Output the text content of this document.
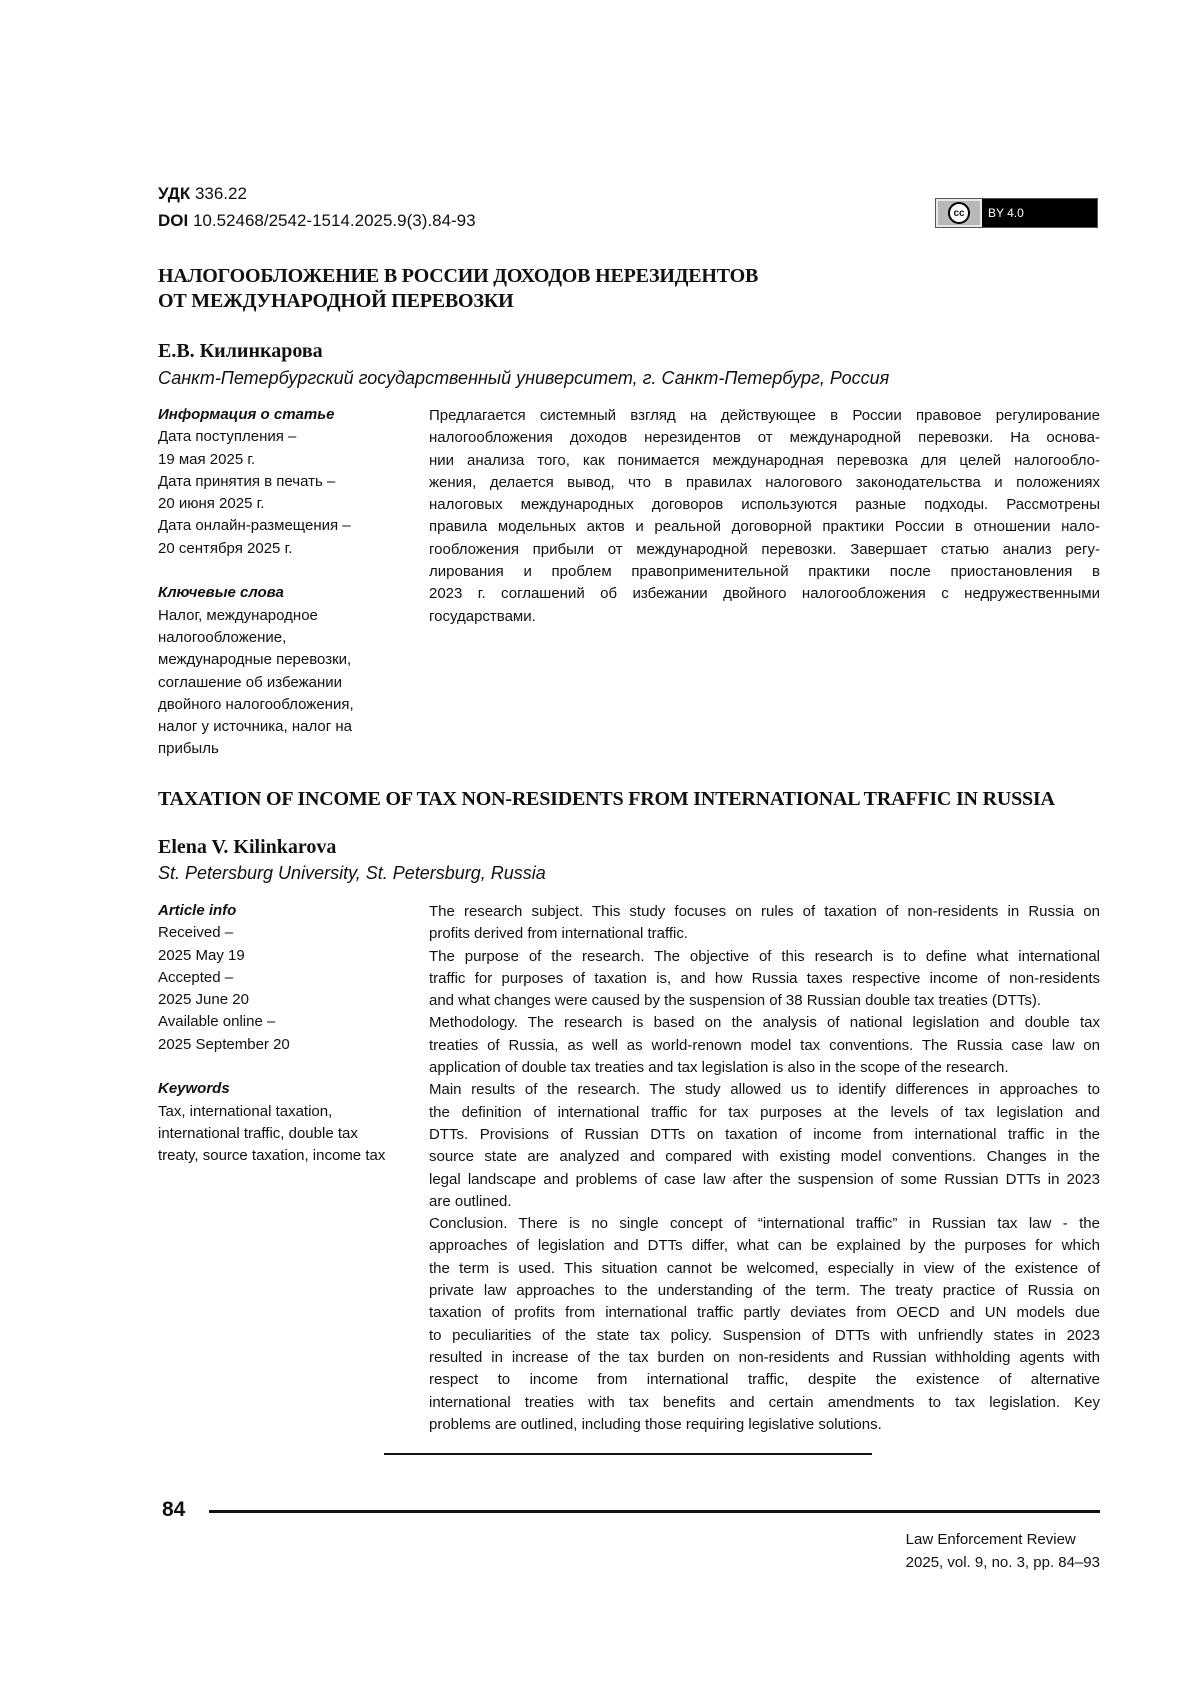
УДК 336.22
DOI 10.52468/2542-1514.2025.9(3).84-93	cc	BY 4.0
НАЛОГООБЛОЖЕНИЕ В РОССИИ ДОХОДОВ НЕРЕЗИДЕНТОВ
ОТ МЕЖДУНАРОДНОЙ ПЕРЕВОЗКИ
Е.В. Килинкарова
Санкт-Петербургский государственный университет, г. Санкт-Петербург, Россия
Информация о статье
Дата поступления –
19 мая 2025 г.
Дата принятия в печать –
20 июня 2025 г.
Дата онлайн-размещения –
20 сентября 2025 г.
Ключевые слова
Налог, международное
налогообложение,
международные перевозки,
соглашение об избежании
двойного налогообложения,
налог у источника, налог на
прибыль
Предлагается системный взгляд на действующее в России правовое регулирование
налогообложения доходов нерезидентов от международной перевозки. На основа-
нии анализа того, как понимается международная перевозка для целей налогообло-
жения, делается вывод, что в правилах налогового законодательства и положениях
налоговых международных договоров используются разные подходы. Рассмотрены
правила модельных актов и реальной договорной практики России в отношении нало-
гообложения прибыли от международной перевозки. Завершает статью анализ регу-
лирования и проблем правоприменительной практики после приостановления в
2023 г. соглашений об избежании двойного налогообложения с недружественными
государствами.
TAXATION OF INCOME OF TAX NON-RESIDENTS FROM INTERNATIONAL TRAFFIC IN RUSSIA
Elena V. Kilinkarova
St. Petersburg University, St. Petersburg, Russia
Article info
Received –
2025 May 19
Accepted –
2025 June 20
Available online –
2025 September 20
Keywords
Tax, international taxation,
international traffic, double tax
treaty, source taxation, income tax
The research subject. This study focuses on rules of taxation of non-residents in Russia on
profits derived from international traffic.
The purpose of the research. The objective of this research is to define what international
traffic for purposes of taxation is, and how Russia taxes respective income of non-residents
and what changes were caused by the suspension of 38 Russian double tax treaties (DTTs).
Methodology. The research is based on the analysis of national legislation and double tax
treaties of Russia, as well as world-renown model tax conventions. The Russia case law on
application of double tax treaties and tax legislation is also in the scope of the research.
Main results of the research. The study allowed us to identify differences in approaches to
the definition of international traffic for tax purposes at the levels of tax legislation and
DTTs. Provisions of Russian DTTs on taxation of income from international traffic in the
source state are analyzed and compared with existing model conventions. Changes in the
legal landscape and problems of case law after the suspension of some Russian DTTs in 2023
are outlined.
Conclusion. There is no single concept of “international traffic” in Russian tax law - the
approaches of legislation and DTTs differ, what can be explained by the purposes for which
the term is used. This situation cannot be welcomed, especially in view of the existence of
private law approaches to the understanding of the term. The treaty practice of Russia on
taxation of profits from international traffic partly deviates from OECD and UN models due
to peculiarities of the state tax policy. Suspension of DTTs with unfriendly states in 2023
resulted in increase of the tax burden on non-residents and Russian withholding agents with
respect to income from international traffic, despite the existence of alternative
international treaties with tax benefits and certain amendments to tax legislation. Key
problems are outlined, including those requiring legislative solutions.
84
Law Enforcement Review
2025, vol. 9, no. 3, pp. 84–93
